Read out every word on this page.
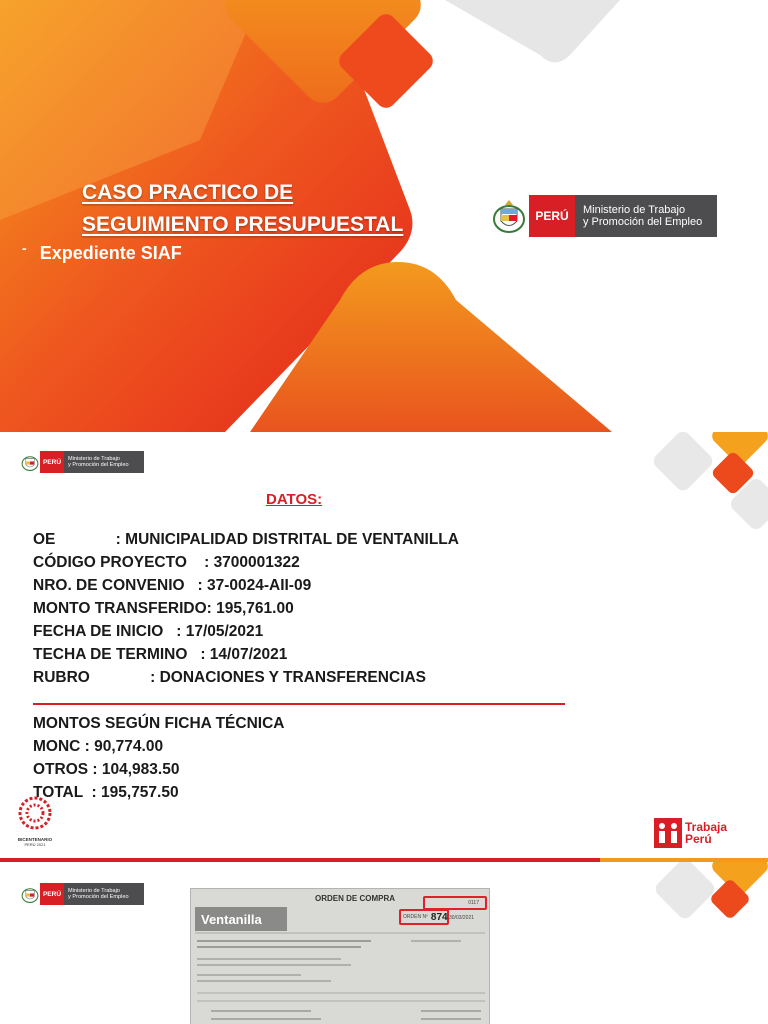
CASO PRACTICO DE
SEGUIMIENTO PRESUPUESTAL
- Expediente SIAF
PERÚ	Ministerio de Trabajo
y Promoción del Empleo
PERÚ	Ministerio de Trabajo
y Promoción del Empleo
DATOS:
OE              : MUNICIPALIDAD DISTRITAL DE VENTANILLA
CÓDIGO PROYECTO    : 3700001322
NRO. DE CONVENIO   : 37-0024-AII-09
MONTO TRANSFERIDO: 195,761.00
FECHA DE INICIO   : 17/05/2021
TECHA DE TERMINO   : 14/07/2021
RUBRO              : DONACIONES Y TRANSFERENCIAS
MONTOS SEGÚN FICHA TÉCNICA
MONC : 90,774.00
OTROS : 104,983.50
TOTAL  : 195,757.50
BICENTENARIO
PERÚ 2021
Trabaja
Perú
PERÚ	Ministerio de Trabajo
y Promoción del Empleo
Ventanilla
ORDEN DE COMPRA	0117
ORDEN Nº 874 30/03/2021
